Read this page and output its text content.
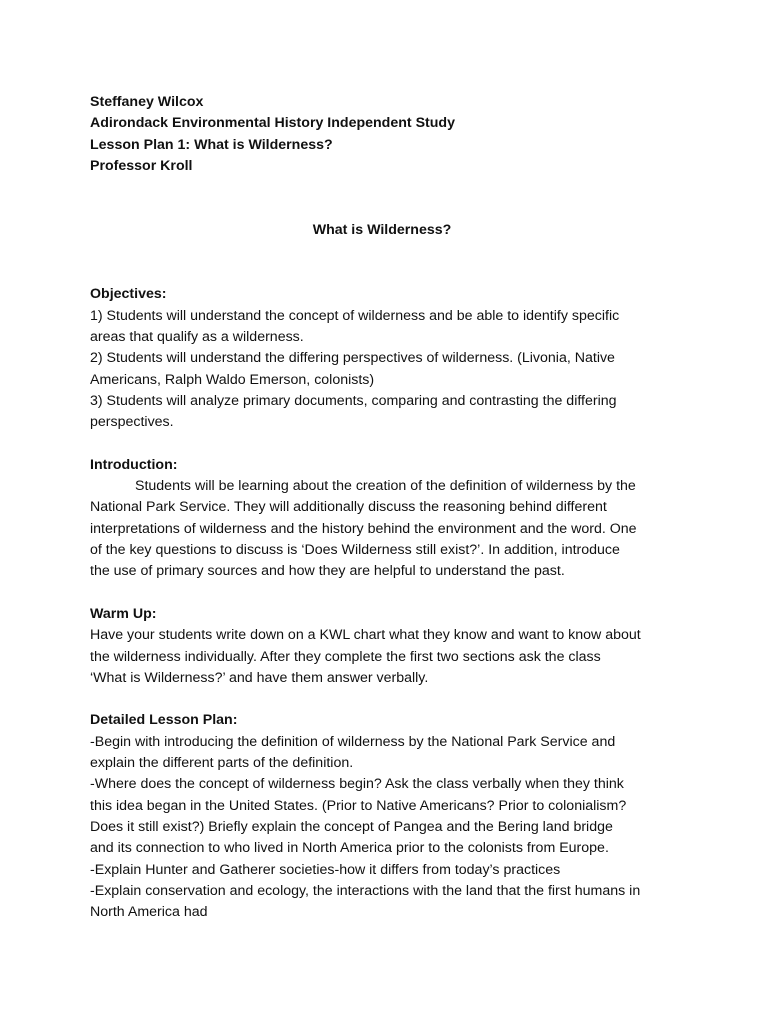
Steffaney Wilcox
Adirondack Environmental History Independent Study
Lesson Plan 1: What is Wilderness?
Professor Kroll
What is Wilderness?
Objectives:
1) Students will understand the concept of wilderness and be able to identify specific
areas that qualify as a wilderness.
2) Students will understand the differing perspectives of wilderness. (Livonia, Native
Americans, Ralph Waldo Emerson, colonists)
3) Students will analyze primary documents, comparing and contrasting the differing
perspectives.
Introduction:
Students will be learning about the creation of the definition of wilderness by the
National Park Service. They will additionally discuss the reasoning behind different
interpretations of wilderness and the history behind the environment and the word. One
of the key questions to discuss is ‘Does Wilderness still exist?’. In addition, introduce
the use of primary sources and how they are helpful to understand the past.
Warm Up:
Have your students write down on a KWL chart what they know and want to know about
the wilderness individually. After they complete the first two sections ask the class
‘What is Wilderness?’ and have them answer verbally.
Detailed Lesson Plan:
-Begin with introducing the definition of wilderness by the National Park Service and
explain the different parts of the definition.
-Where does the concept of wilderness begin? Ask the class verbally when they think
this idea began in the United States. (Prior to Native Americans? Prior to colonialism?
Does it still exist?) Briefly explain the concept of Pangea and the Bering land bridge
and its connection to who lived in North America prior to the colonists from Europe.
-Explain Hunter and Gatherer societies-how it differs from today’s practices
-Explain conservation and ecology, the interactions with the land that the first humans in
North America had
